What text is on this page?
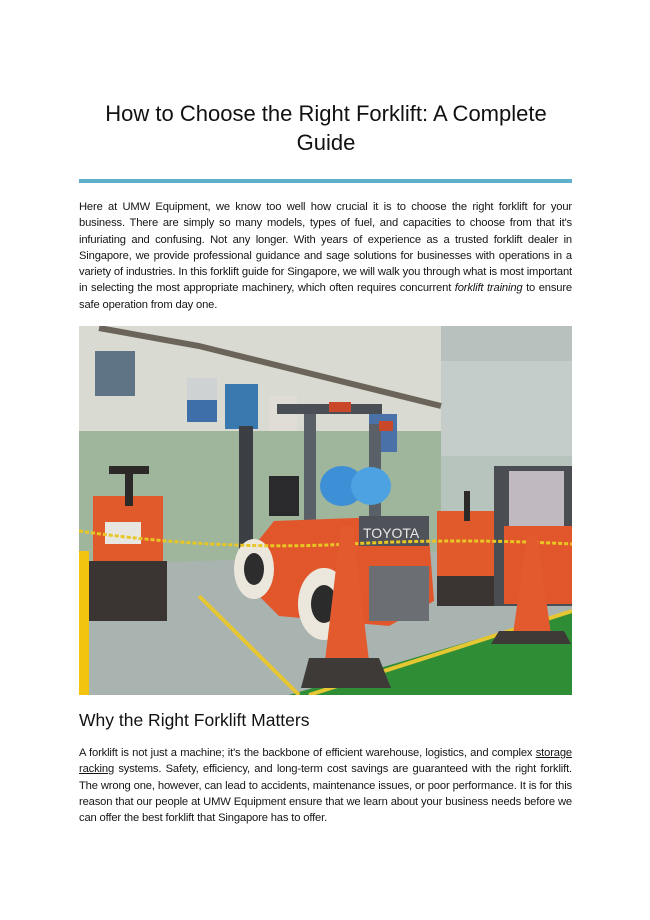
How to Choose the Right Forklift: A Complete Guide

Here at UMW Equipment, we know too well how crucial it is to choose the right forklift for your business. There are simply so many models, types of fuel, and capacities to choose from that it's infuriating and confusing. Not any longer. With years of experience as a trusted forklift dealer in Singapore, we provide professional guidance and sage solutions for businesses with operations in a variety of industries. In this forklift guide for Singapore, we will walk you through what is most important in selecting the most appropriate machinery, which often requires concurrent forklift training to ensure safe operation from day one.

TOYOTA
Why the Right Forklift Matters

A forklift is not just a machine; it's the backbone of efficient warehouse, logistics, and complex storage racking systems. Safety, efficiency, and long-term cost savings are guaranteed with the right forklift. The wrong one, however, can lead to accidents, maintenance issues, or poor performance. It is for this reason that our people at UMW Equipment ensure that we learn about your business needs before we can offer the best forklift that Singapore has to offer.
